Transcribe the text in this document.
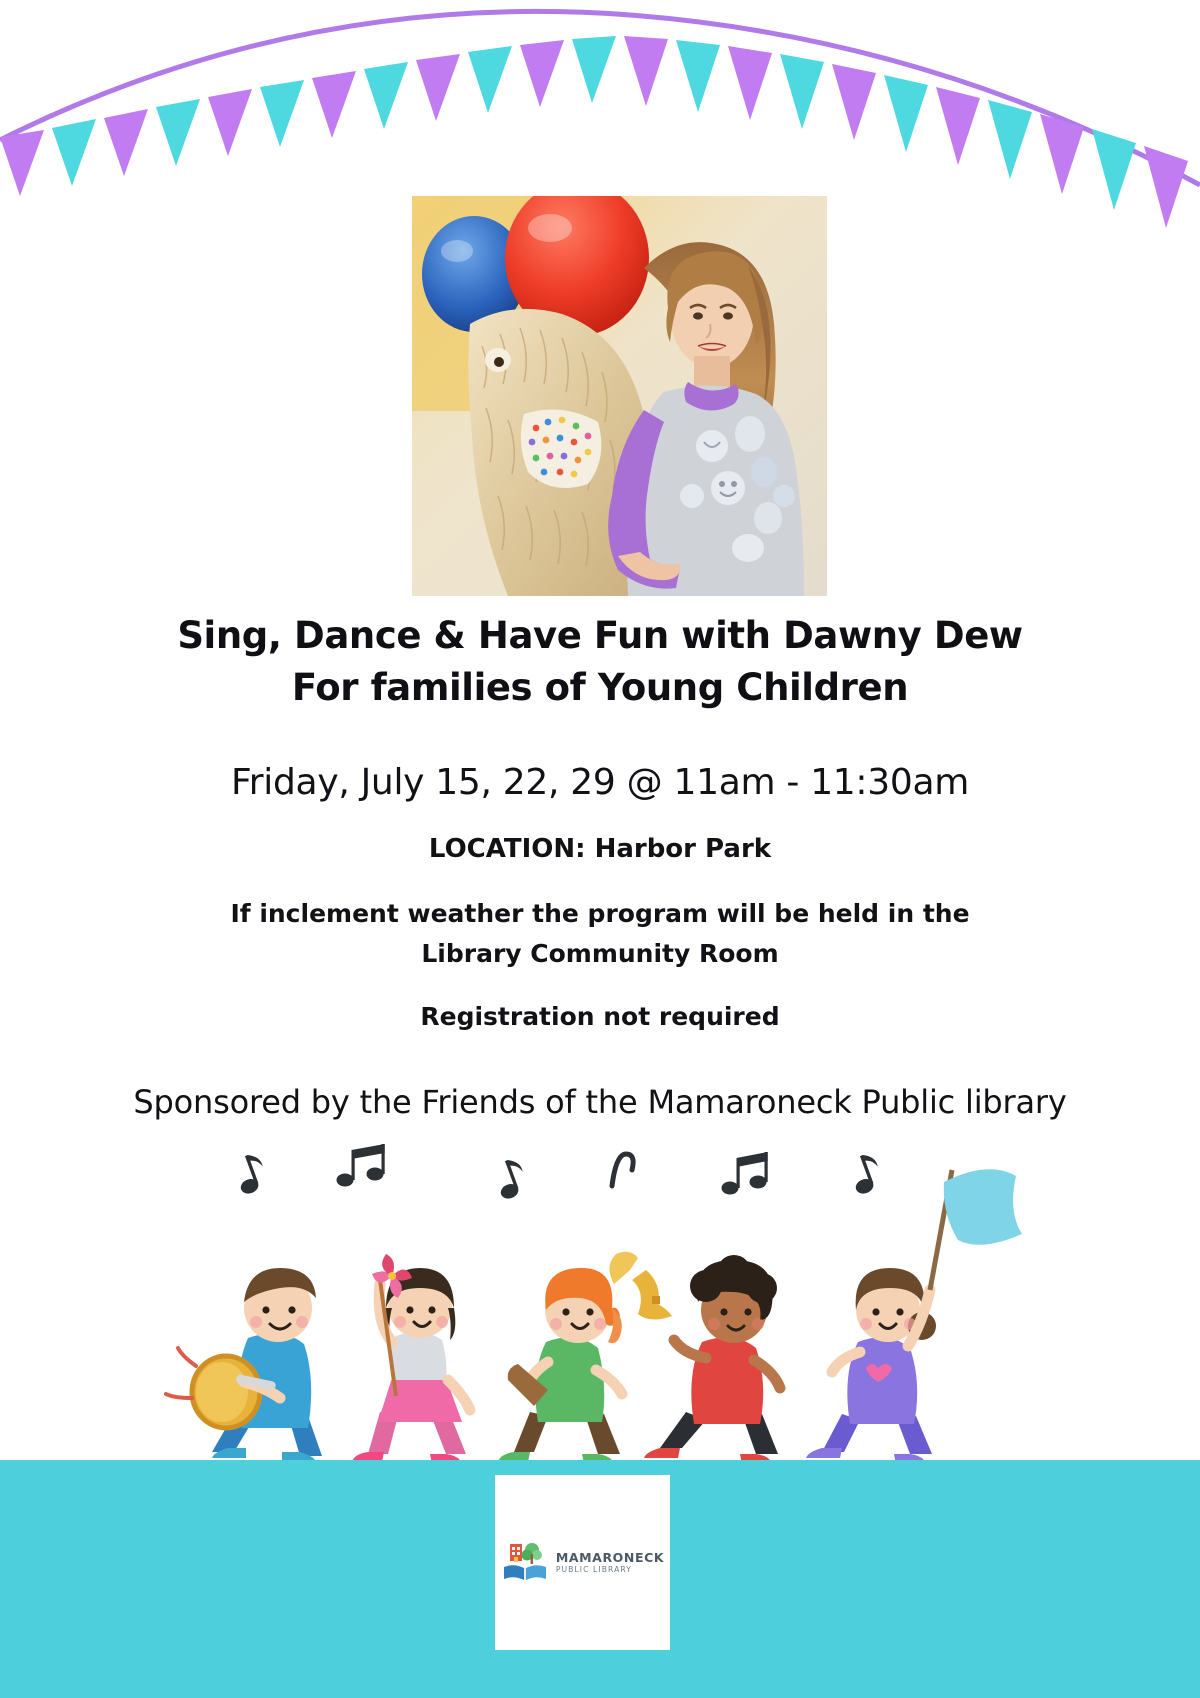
Sing, Dance & Have Fun with Dawny Dew
For families of Young Children
Friday, July 15, 22, 29 @ 11am - 11:30am
LOCATION: Harbor Park
If inclement weather the program will be held in the
Library Community Room
Registration not required
Sponsored by the Friends of the Mamaroneck Public library
MAMARONECK
PUBLIC LIBRARY
